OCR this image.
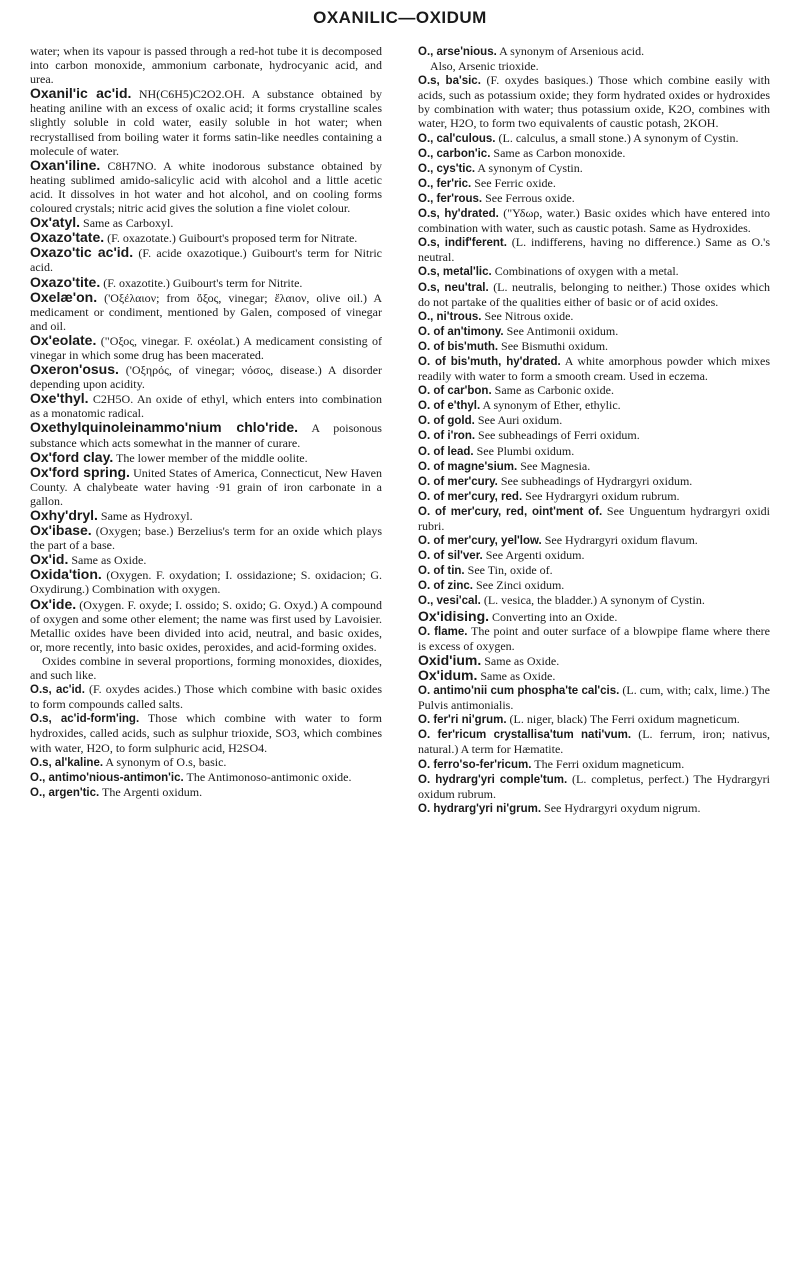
OXANILIC—OXIDUM

water; when its vapour is passed through a red-hot tube it is decomposed into carbon monoxide, ammonium carbonate, hydrocyanic acid, and urea.

Oxanil'ic ac'id. NH(C6H5)C2O2.OH. A substance obtained by heating aniline with an excess of oxalic acid; it forms crystalline scales slightly soluble in cold water, easily soluble in hot water; when recrystallised from boiling water it forms satin-like needles containing a molecule of water.

Oxan'iline. C8H7NO. A white inodorous substance obtained by heating sublimed amido-salicylic acid with alcohol and a little acetic acid. It dissolves in hot water and hot alcohol, and on cooling forms coloured crystals; nitric acid gives the solution a fine violet colour.

Ox'atyl. Same as Carboxyl.

Oxazo'tate. (F. oxazotate.) Guibourt's proposed term for Nitrate.

Oxazo'tic ac'id. (F. acide oxazotique.) Guibourt's term for Nitric acid.

Oxazo'tite. (F. oxazotite.) Guibourt's term for Nitrite.

Oxelæ'on. ('Οξέλαιον; from ὄξος, vinegar; ἔλαιον, olive oil.) A medicament or condiment, mentioned by Galen, composed of vinegar and oil.

Ox'eolate. ("Οξος, vinegar. F. oxéolat.) A medicament consisting of vinegar in which some drug has been macerated.

Oxeron'osus. ('Οξηρός, of vinegar; νόσος, disease.) A disorder depending upon acidity.

Oxe'thyl. C2H5O. An oxide of ethyl, which enters into combination as a monatomic radical.

Oxethylquinoleinammo'nium chlo'ride. A poisonous substance which acts somewhat in the manner of curare.

Ox'ford clay. The lower member of the middle oolite.

Ox'ford spring. United States of America, Connecticut, New Haven County. A chalybeate water having ·91 grain of iron carbonate in a gallon.

Oxhy'dryl. Same as Hydroxyl.

Ox'ibase. (Oxygen; base.) Berzelius's term for an oxide which plays the part of a base.

Ox'id. Same as Oxide.

Oxida'tion. (Oxygen. F. oxydation; I. ossidazione; S. oxidacion; G. Oxydirung.) Combination with oxygen.

Ox'ide. (Oxygen. F. oxyde; I. ossido; S. oxido; G. Oxyd.) A compound of oxygen and some other element; the name was first used by Lavoisier. Metallic oxides have been divided into acid, neutral, and basic oxides, or, more recently, into basic oxides, peroxides, and acid-forming oxides.

Oxides combine in several proportions, forming monoxides, dioxides, and such like.

O.s, ac'id. (F. oxydes acides.) Those which combine with basic oxides to form compounds called salts.

O.s, ac'id-form'ing. Those which combine with water to form hydroxides, called acids, such as sulphur trioxide, SO3, which combines with water, H2O, to form sulphuric acid, H2SO4.

O.s, al'kaline. A synonym of O.s, basic.

O., antimo'nious-antimon'ic. The Antimonoso-antimonic oxide.

O., argen'tic. The Argenti oxidum.

O., arse'nious. A synonym of Arsenious acid.

Also, Arsenic trioxide.

O.s, ba'sic. (F. oxydes basiques.) Those which combine easily with acids, such as potassium oxide; they form hydrated oxides or hydroxides by combination with water; thus potassium oxide, K2O, combines with water, H2O, to form two equivalents of caustic potash, 2KOH.

O., cal'culous. (L. calculus, a small stone.) A synonym of Cystin.

O., carbon'ic. Same as Carbon monoxide.

O., cys'tic. A synonym of Cystin.

O., fer'ric. See Ferric oxide.

O., fer'rous. See Ferrous oxide.

O.s, hy'drated. ("Υδωρ, water.) Basic oxides which have entered into combination with water, such as caustic potash. Same as Hydroxides.

O.s, indif'ferent. (L. indifferens, having no difference.) Same as O.'s neutral.

O.s, metal'lic. Combinations of oxygen with a metal.

O.s, neu'tral. (L. neutralis, belonging to neither.) Those oxides which do not partake of the qualities either of basic or of acid oxides.

O., ni'trous. See Nitrous oxide.

O. of an'timony. See Antimonii oxidum.

O. of bis'muth. See Bismuthi oxidum.

O. of bis'muth, hy'drated. A white amorphous powder which mixes readily with water to form a smooth cream. Used in eczema.

O. of car'bon. Same as Carbonic oxide.

O. of e'thyl. A synonym of Ether, ethylic.

O. of gold. See Auri oxidum.

O. of i'ron. See subheadings of Ferri oxidum.

O. of lead. See Plumbi oxidum.

O. of magne'sium. See Magnesia.

O. of mer'cury. See subheadings of Hydrargyri oxidum.

O. of mer'cury, red. See Hydrargyri oxidum rubrum.

O. of mer'cury, red, oint'ment of. See Unguentum hydrargyri oxidi rubri.

O. of mer'cury, yel'low. See Hydrargyri oxidum flavum.

O. of sil'ver. See Argenti oxidum.

O. of tin. See Tin, oxide of.

O. of zinc. See Zinci oxidum.

O., vesi'cal. (L. vesica, the bladder.) A synonym of Cystin.

Ox'idising. Converting into an Oxide.

O. flame. The point and outer surface of a blowpipe flame where there is excess of oxygen.

Oxid'ium. Same as Oxide.

Ox'idum. Same as Oxide.

O. antimo'nii cum phospha'te cal'cis. (L. cum, with; calx, lime.) The Pulvis antimonialis.

O. fer'ri ni'grum. (L. niger, black) The Ferri oxidum magneticum.

O. fer'ricum crystallisa'tum nati'vum. (L. ferrum, iron; nativus, natural.) A term for Hæmatite.

O. ferro'so-fer'ricum. The Ferri oxidum magneticum.

O. hydrarg'yri comple'tum. (L. completus, perfect.) The Hydrargyri oxidum rubrum.

O. hydrarg'yri ni'grum. See Hydrargyri oxydum nigrum.
